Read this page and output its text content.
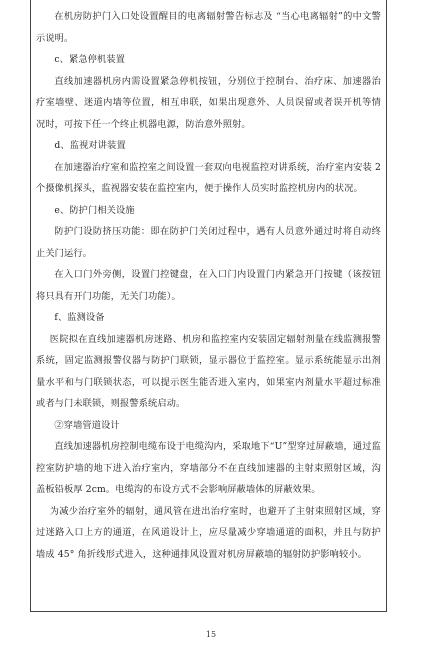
在机房防护门入口处设置醒目的电离辐射警告标志及 “当心电离辐射”的中文警示说明。

c、紧急停机装置

直线加速器机房内需设置紧急停机按钮，分别位于控制台、治疗床、加速器治疗室墙壁、迷道内墙等位置，相互串联，如果出现意外、人员误留或者误开机等情况时，可按下任一个终止机器电源，防治意外照射。

d、监视对讲装置

在加速器治疗室和监控室之间设置一套双向电视监控对讲系统，治疗室内安装 2 个摄像机探头，监视器安装在监控室内，便于操作人员实时监控机房内的状况。

e、防护门相关设施

防护门设防挤压功能：即在防护门关闭过程中，遇有人员意外通过时将自动终止关门运行。

在入口门外旁侧，设置门控键盘，在入口门内设置门内紧急开门按键（该按钮将只具有开门功能，无关门功能）。

f、监测设备

医院拟在直线加速器机房迷路、机房和监控室内安装固定辐射剂量在线监测报警系统，固定监测报警仪器与防护门联锁，显示器位于监控室。显示系统能显示出剂量水平和与门联锁状态，可以提示医生能否进入室内，如果室内剂量水平超过标准或者与门未联锁，则报警系统启动。

②穿墙管道设计

直线加速器机房控制电缆布设于电缆沟内，采取地下“U”型穿过屏蔽墙，通过监控室防护墙的地下进入治疗室内，穿墙部分不在直线加速器的主射束照射区域，沟盖板铅板厚 2cm。电缆沟的布设方式不会影响屏蔽墙体的屏蔽效果。

为减少治疗室外的辐射，通风管在进出治疗室时，也避开了主射束照射区域，穿过迷路入口上方的通道，在风道设计上，应尽量减少穿墙通道的面积，并且与防护墙成 45° 角折线形式进入，这种通排风设置对机房屏蔽墙的辐射防护影响较小。

15
